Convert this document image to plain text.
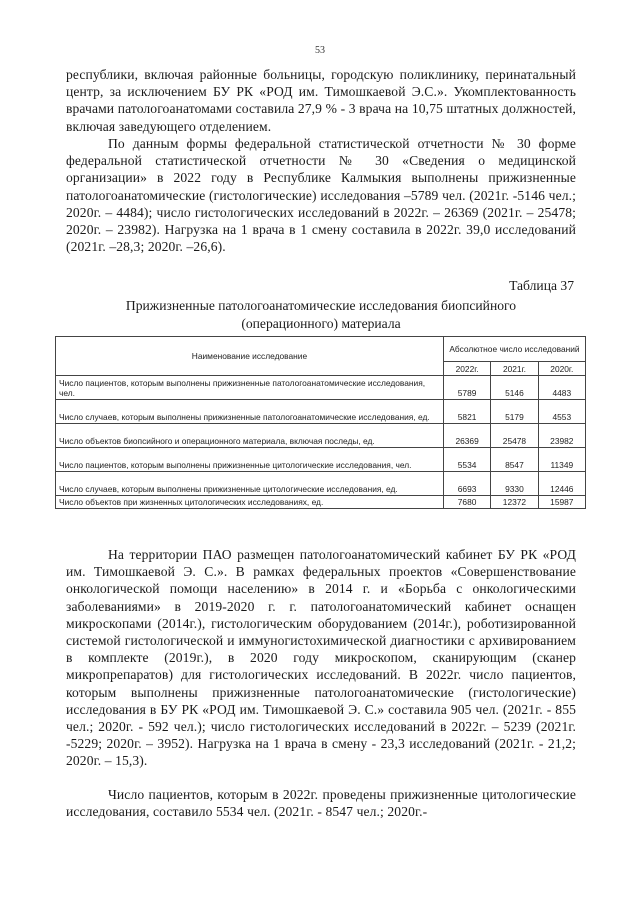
53

республики, включая районные больницы, городскую поликлинику, перинатальный центр, за исключением БУ РК «РОД им. Тимошкаевой Э.С.». Укомплектованность врачами патологоанатомами составила 27,9 % - 3 врача на 10,75 штатных должностей, включая заведующего отделением.

По данным формы федеральной статистической отчетности № 30 форме федеральной статистической отчетности № 30 «Сведения о медицинской организации» в 2022 году в Республике Калмыкия выполнены прижизненные патологоанатомические (гистологические) исследования –5789 чел. (2021г. -5146 чел.; 2020г. – 4484); число гистологических исследований в 2022г. – 26369 (2021г. – 25478; 2020г. – 23982). Нагрузка на 1 врача в 1 смену составила в 2022г. 39,0 исследований (2021г. –28,3; 2020г. –26,6).

Таблица 37
Прижизненные патологоанатомические исследования биопсийного
(операционного) материала
Наименование исследование	Абсолютное число исследований		
	2022г.	2021г.	2020г.
Число пациентов, которым выполнены прижизненные патологоанатомические исследования, чел.	5789	5146	4483
Число случаев, которым выполнены прижизненные патологоанатомические исследования, ед.	5821	5179	4553
Число объектов биопсийного и операционного материала, включая последы, ед.	26369	25478	23982
Число пациентов, которым выполнены прижизненные цитологические исследования, чел.	5534	8547	11349
Число случаев, которым выполнены прижизненные цитологические исследования, ед.	6693	9330	12446
Число объектов при жизненных цитологических исследованиях, ед.	7680	12372	15987

На территории ПАО размещен патологоанатомический кабинет БУ РК «РОД им. Тимошкаевой Э. С.». В рамках федеральных проектов «Совершенствование онкологической помощи населению» в 2014 г. и «Борьба с онкологическими заболеваниями» в 2019-2020 г. г. патологоанатомический кабинет оснащен микроскопами (2014г.), гистологическим оборудованием (2014г.), роботизированной системой гистологической и иммуногистохимической диагностики с архивированием в комплекте (2019г.), в 2020 году микроскопом, сканирующим (сканер микропрепаратов) для гистологических исследований. В 2022г. число пациентов, которым выполнены прижизненные патологоанатомические (гистологические) исследования в БУ РК «РОД им. Тимошкаевой Э. С.» составила 905 чел. (2021г. - 855 чел.; 2020г. - 592 чел.); число гистологических исследований в 2022г. – 5239 (2021г. -5229; 2020г. – 3952). Нагрузка на 1 врача в смену - 23,3 исследований (2021г. - 21,2; 2020г. – 15,3).

Число пациентов, которым в 2022г. проведены прижизненные цитологические исследования, составило 5534 чел. (2021г. - 8547 чел.; 2020г.-
